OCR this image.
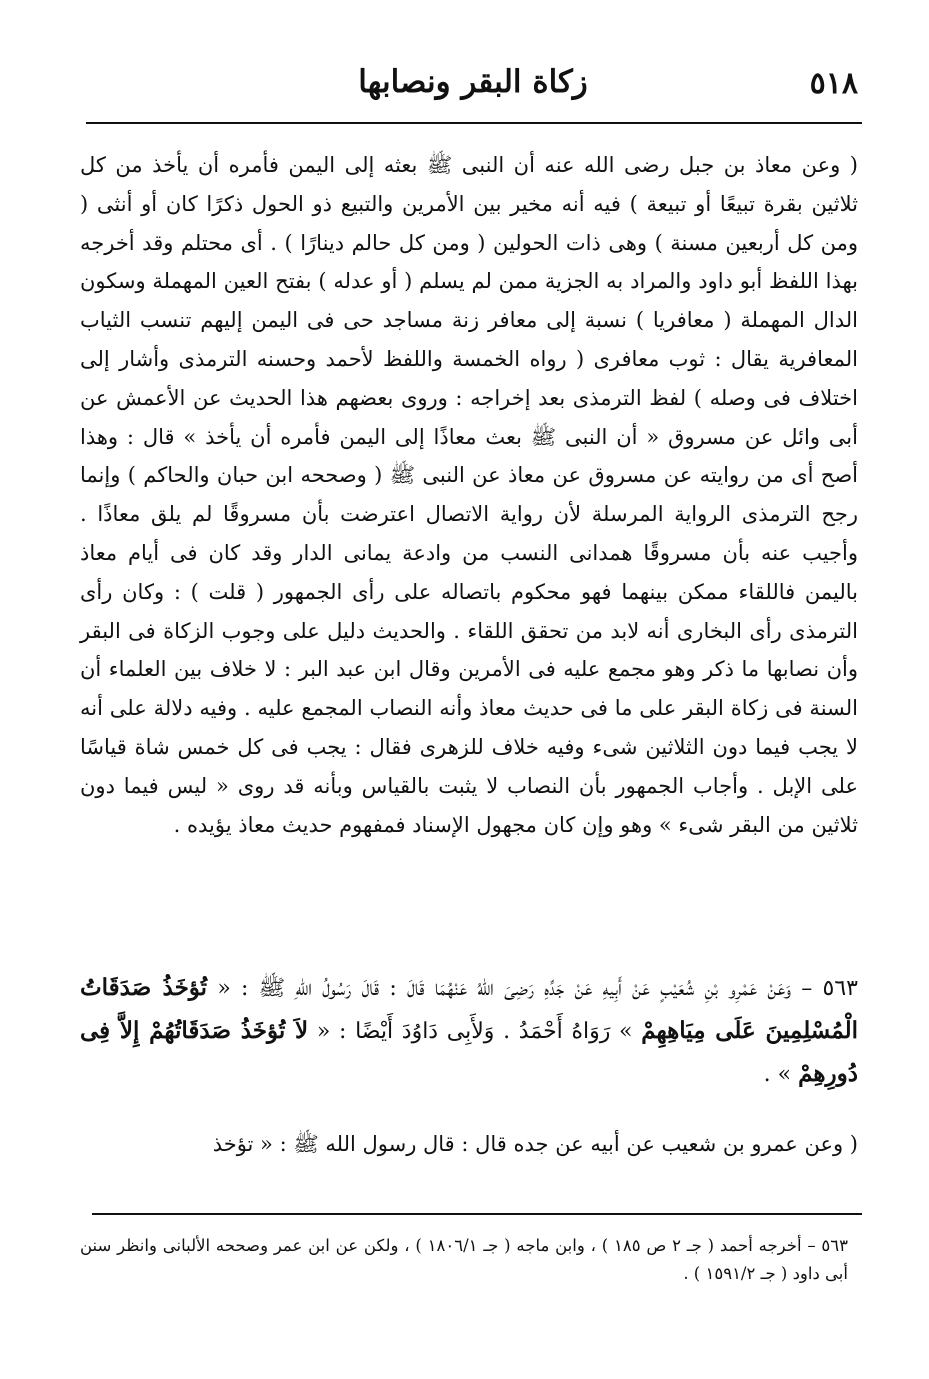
٥١٨
زكاة البقر ونصابها

( وعن معاذ بن جبل رضى الله عنه أن النبى ﷺ بعثه إلى اليمن فأمره أن يأخذ من كل ثلاثين بقرة تبيعًا أو تبيعة ) فيه أنه مخير بين الأمرين والتبيع ذو الحول ذكرًا كان أو أنثى ( ومن كل أربعين مسنة ) وهى ذات الحولين ( ومن كل حالم دينارًا ) . أى محتلم وقد أخرجه بهذا اللفظ أبو داود والمراد به الجزية ممن لم يسلم ( أو عدله ) بفتح العين المهملة وسكون الدال المهملة ( معافريا ) نسبة إلى معافر زنة مساجد حى فى اليمن إليهم تنسب الثياب المعافرية يقال : ثوب معافرى ( رواه الخمسة واللفظ لأحمد وحسنه الترمذى وأشار إلى اختلاف فى وصله ) لفظ الترمذى بعد إخراجه : وروى بعضهم هذا الحديث عن الأعمش عن أبى وائل عن مسروق « أن النبى ﷺ بعث معاذًا إلى اليمن فأمره أن يأخذ » قال : وهذا أصح أى من روايته عن مسروق عن معاذ عن النبى ﷺ ( وصححه ابن حبان والحاكم ) وإنما رجح الترمذى الرواية المرسلة لأن رواية الاتصال اعترضت بأن مسروقًا لم يلق معاذًا . وأجيب عنه بأن مسروقًا همدانى النسب من وادعة يمانى الدار وقد كان فى أيام معاذ باليمن فاللقاء ممكن بينهما فهو محكوم باتصاله على رأى الجمهور ( قلت ) : وكان رأى الترمذى رأى البخارى أنه لابد من تحقق اللقاء . والحديث دليل على وجوب الزكاة فى البقر وأن نصابها ما ذكر وهو مجمع عليه فى الأمرين وقال ابن عبد البر : لا خلاف بين العلماء أن السنة فى زكاة البقر على ما فى حديث معاذ وأنه النصاب المجمع عليه . وفيه دلالة على أنه لا يجب فيما دون الثلاثين شىء وفيه خلاف للزهرى فقال : يجب فى كل خمس شاة قياسًا على الإبل . وأجاب الجمهور بأن النصاب لا يثبت بالقياس وبأنه قد روى « ليس فيما دون ثلاثين من البقر شىء » وهو وإن كان مجهول الإسناد فمفهوم حديث معاذ يؤيده .

٥٦٣ – وَعَنْ عَمْرِو بْنِ شُعَيْبٍ عَنْ أَبِيهِ عَنْ جَدِّهِ رَضِىَ اللهُ عَنْهُمَا قَالَ : قَالَ رَسُولُ اللهِ ﷺ : « تُؤخَذُ صَدَقَاتُ الْمُسْلِمِينَ عَلَى مِيَاهِهِمْ » رَوَاهُ أَحْمَدُ . وَلأَبِى دَاوُدَ أَيْضًا : « لاَ تُؤخَذُ صَدَقَاتُهُمْ إِلاَّ فِى دُورِهِمْ » .

( وعن عمرو بن شعيب عن أبيه عن جده قال : قال رسول الله ﷺ : « تؤخذ

٥٦٣ – أخرجه أحمد ( جـ ٢ ص ١٨٥ ) ، وابن ماجه ( جـ ١٨٠٦/١ ) ، ولكن عن ابن عمر وصححه الألبانى وانظر سنن أبى داود ( جـ ١٥٩١/٢ ) .
